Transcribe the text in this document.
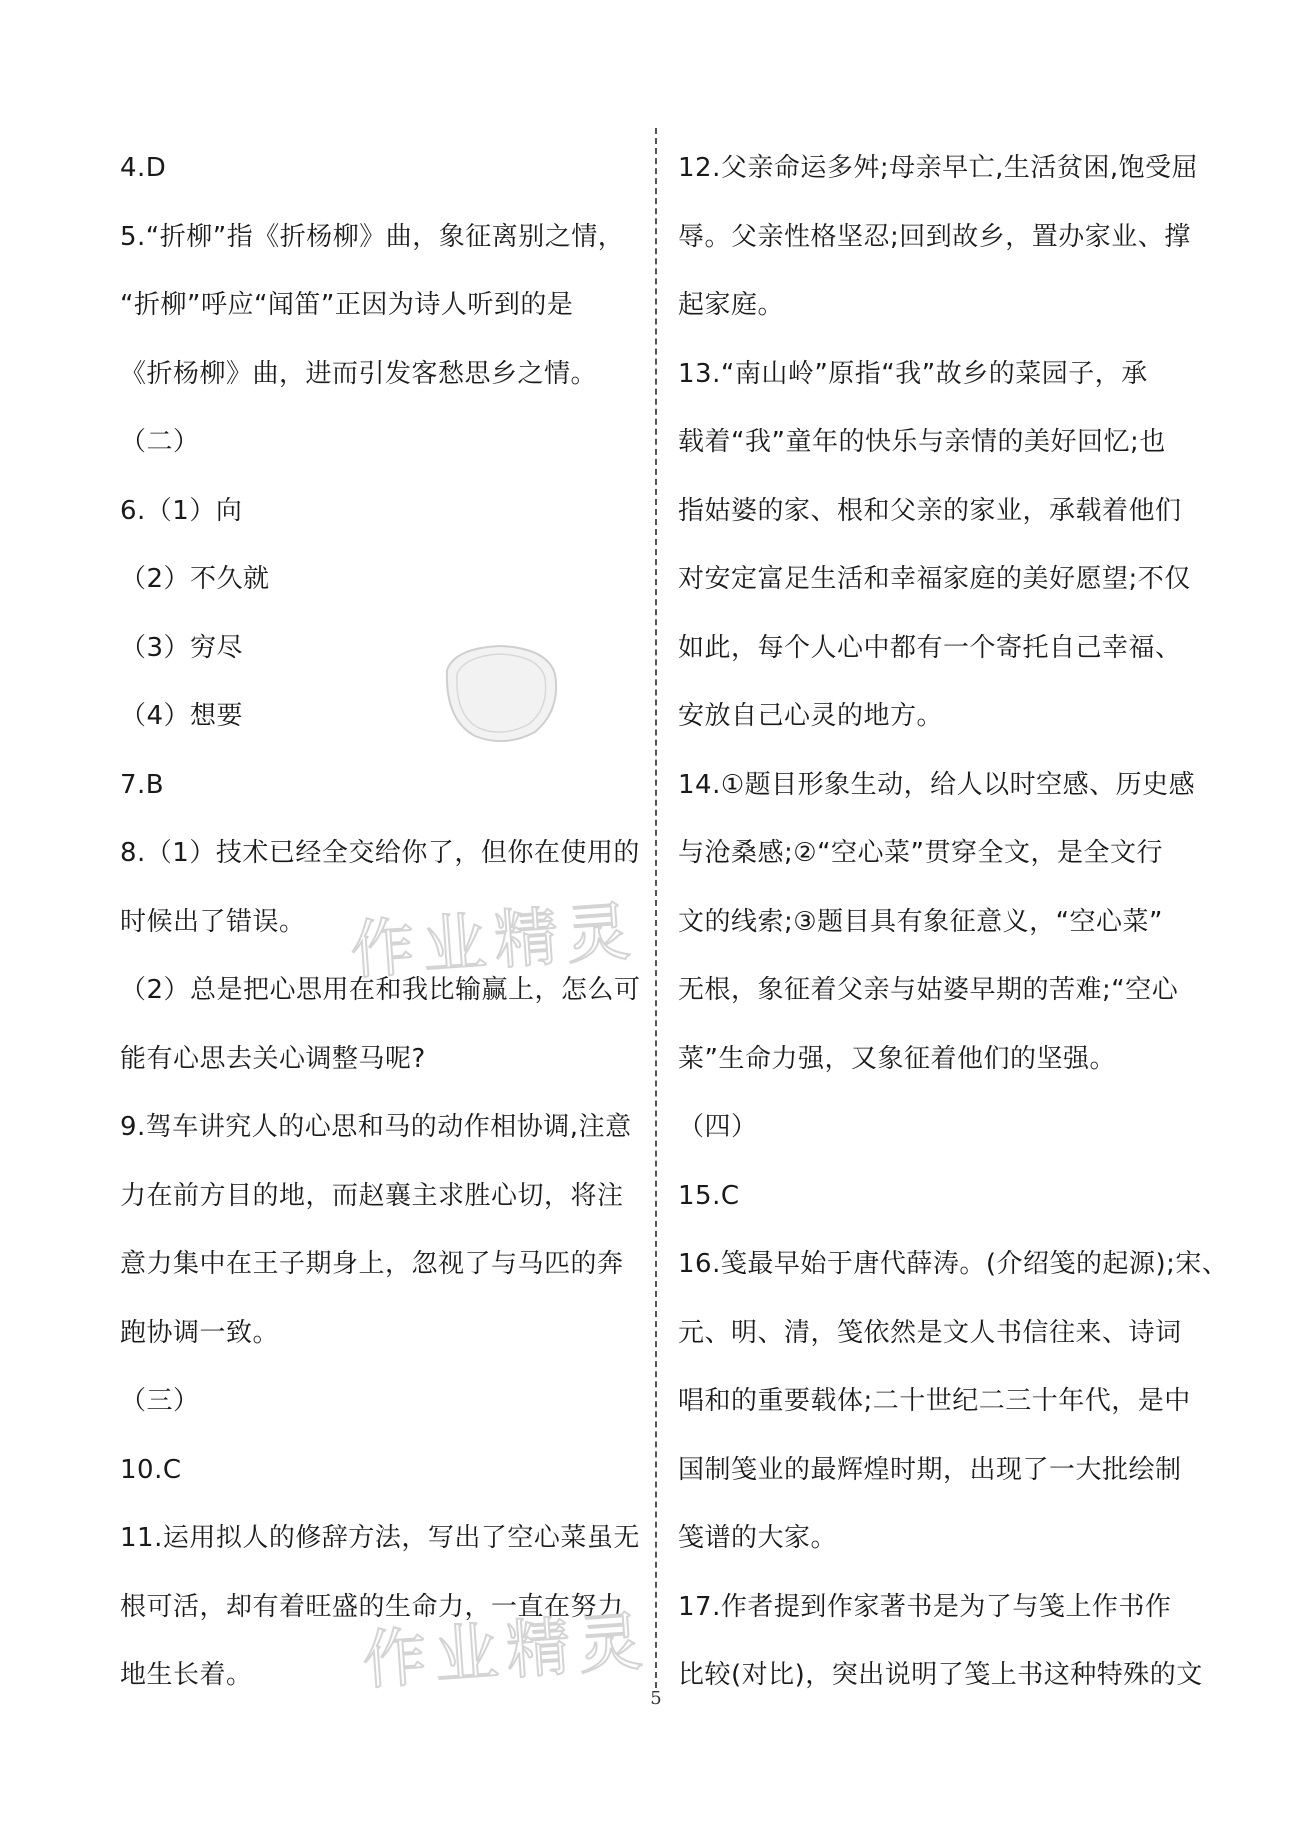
4.D
5.“折柳”指《折杨柳》曲，象征离别之情，
“折柳”呼应“闻笛”正因为诗人听到的是
《折杨柳》曲，进而引发客愁思乡之情。
（二）
6.（1）向
（2）不久就
（3）穷尽
（4）想要
7.B
8.（1）技术已经全交给你了，但你在使用的
时候出了错误。
（2）总是把心思用在和我比输赢上，怎么可
能有心思去关心调整马呢?
9.驾车讲究人的心思和马的动作相协调,注意
力在前方目的地，而赵襄主求胜心切，将注
意力集中在王子期身上，忽视了与马匹的奔
跑协调一致。
（三）
10.C
11.运用拟人的修辞方法，写出了空心菜虽无
根可活，却有着旺盛的生命力，一直在努力
地生长着。
12.父亲命运多舛;母亲早亡,生活贫困,饱受屈
辱。父亲性格坚忍;回到故乡，置办家业、撑
起家庭。
13.“南山岭”原指“我”故乡的菜园子，承
载着“我”童年的快乐与亲情的美好回忆;也
指姑婆的家、根和父亲的家业，承载着他们
对安定富足生活和幸福家庭的美好愿望;不仅
如此，每个人心中都有一个寄托自己幸福、
安放自己心灵的地方。
14.①题目形象生动，给人以时空感、历史感
与沧桑感;②“空心菜”贯穿全文，是全文行
文的线索;③题目具有象征意义，“空心菜”
无根，象征着父亲与姑婆早期的苦难;“空心
菜”生命力强，又象征着他们的坚强。
（四）
15.C
16.笺最早始于唐代薛涛。(介绍笺的起源);宋、
元、明、清，笺依然是文人书信往来、诗词
唱和的重要载体;二十世纪二三十年代，是中
国制笺业的最辉煌时期，出现了一大批绘制
笺谱的大家。
17.作者提到作家著书是为了与笺上作书作
比较(对比)，突出说明了笺上书这种特殊的文
作业精灵
作业精灵
5
